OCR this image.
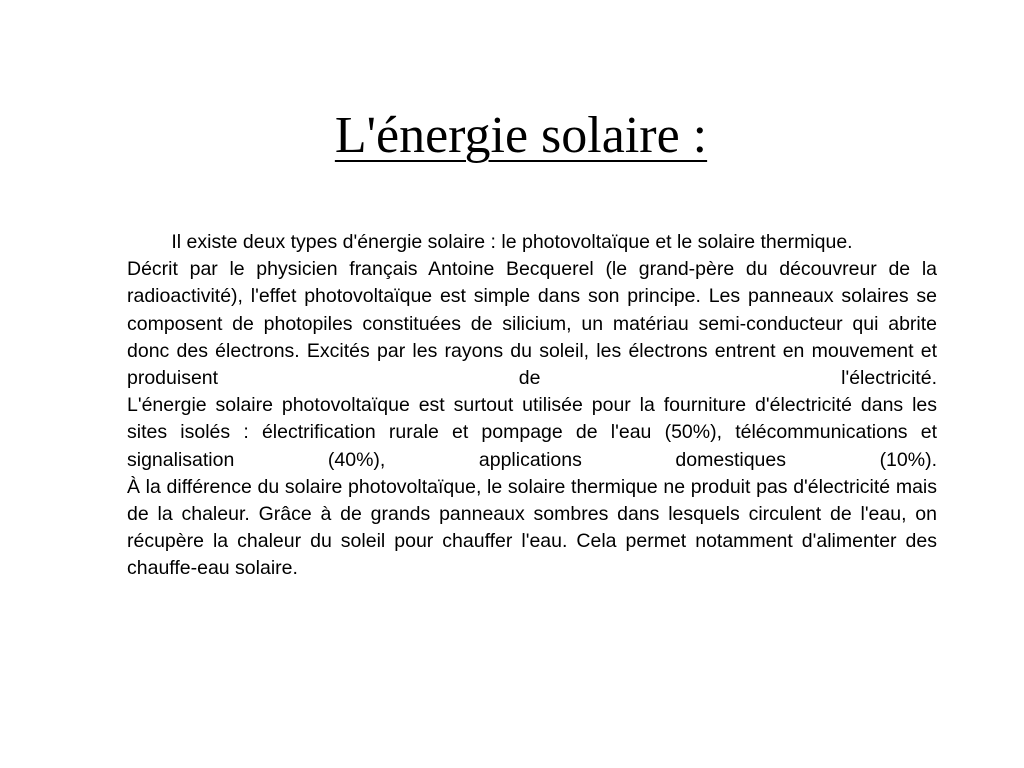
L'énergie solaire :

Il existe deux types d'énergie solaire : le photovoltaïque et le solaire thermique.

Décrit par le physicien français Antoine Becquerel (le grand-père du découvreur de la radioactivité), l'effet photovoltaïque est simple dans son principe. Les panneaux solaires se composent de photopiles constituées de silicium, un matériau semi-conducteur qui abrite donc des électrons. Excités par les rayons du soleil, les électrons entrent en mouvement et produisent de l'électricité.

L'énergie solaire photovoltaïque est surtout utilisée pour la fourniture d'électricité dans les sites isolés : électrification rurale et pompage de l'eau (50%), télécommunications et signalisation (40%), applications domestiques (10%).

À la différence du solaire photovoltaïque, le solaire thermique ne produit pas d'électricité mais de la chaleur. Grâce à de grands panneaux sombres dans lesquels circulent de l'eau, on récupère la chaleur du soleil pour chauffer l'eau. Cela permet notamment d'alimenter des chauffe-eau solaire.
